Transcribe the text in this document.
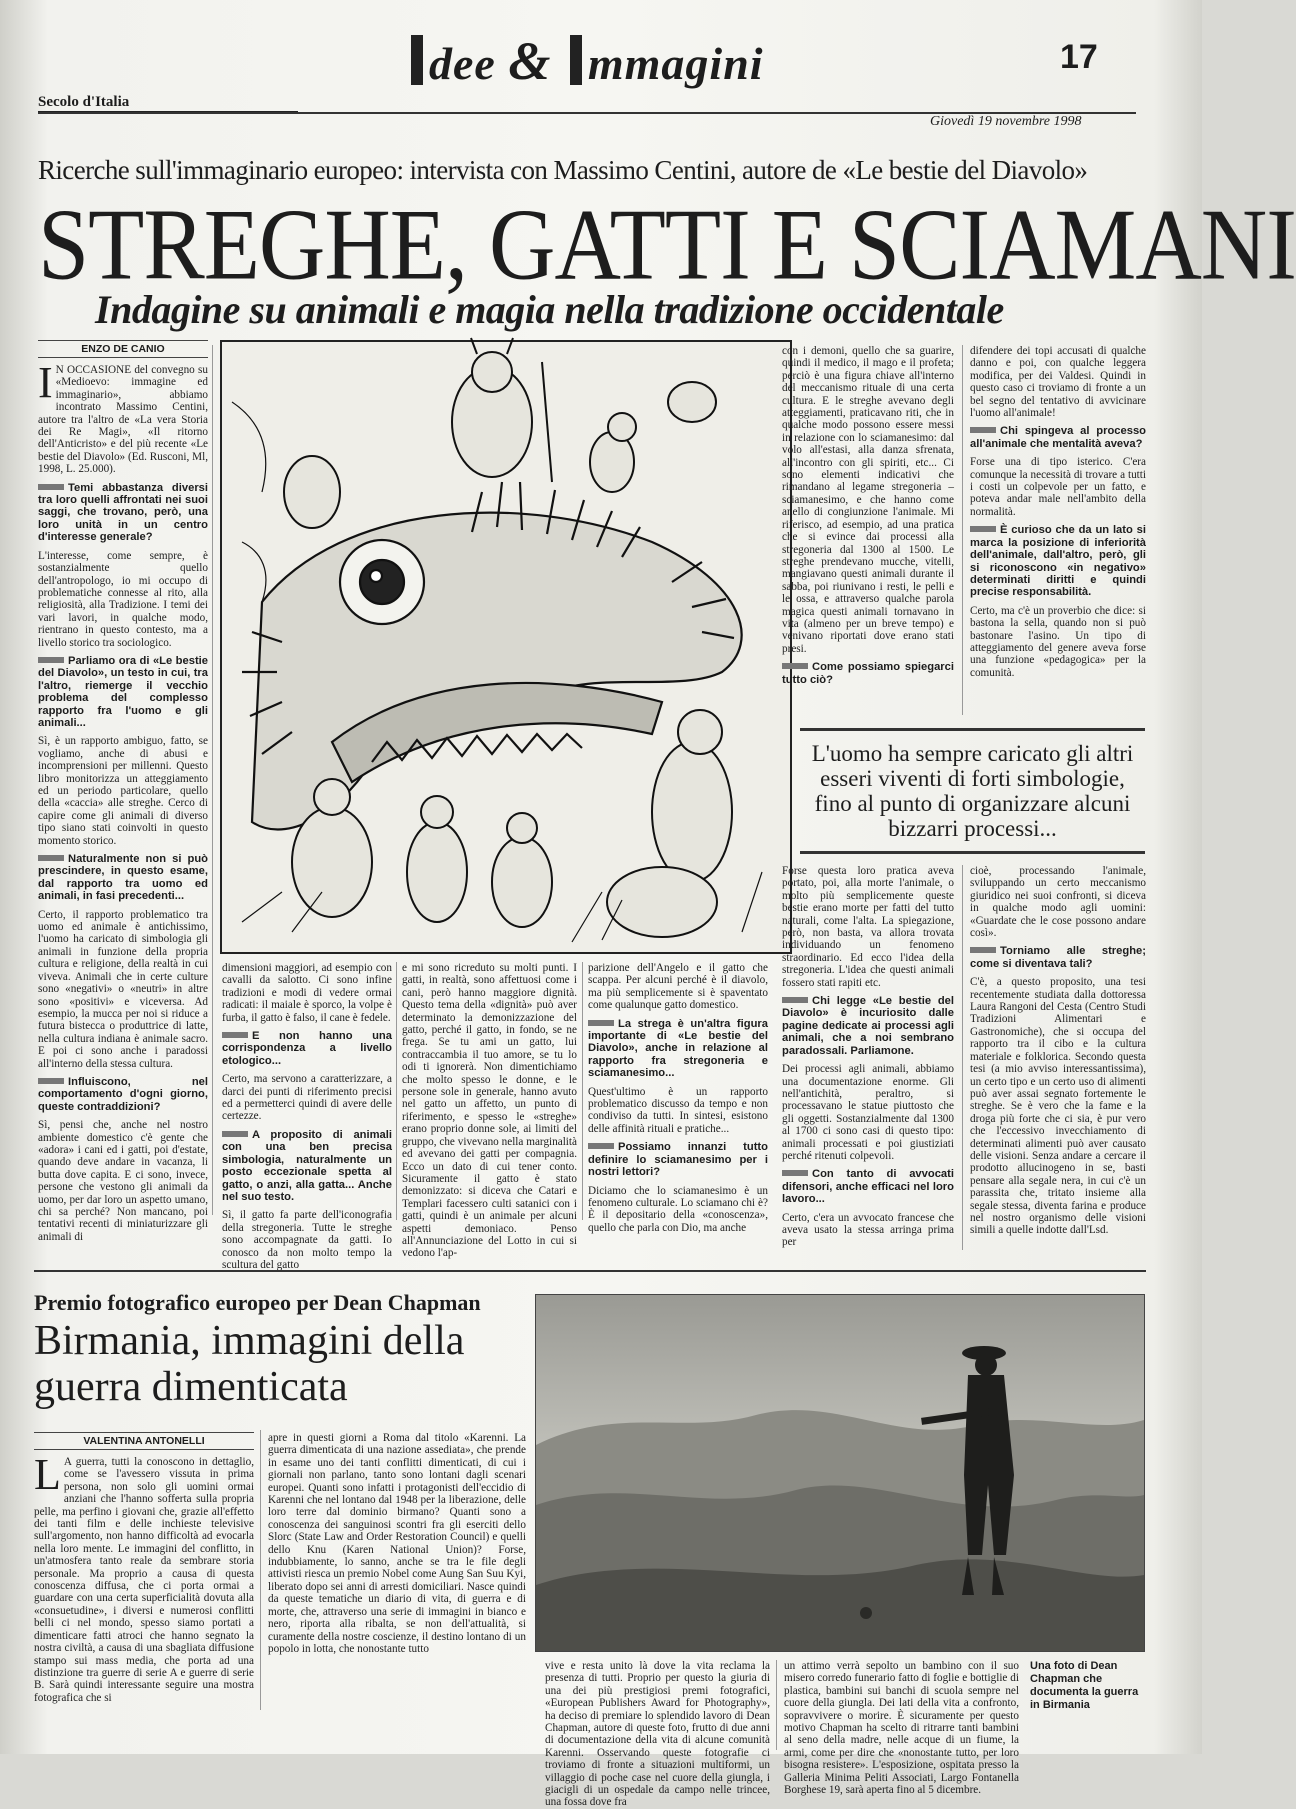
Secolo d'Italia
dee & mmagini	17
Giovedì 19 novembre 1998
Ricerche sull'immaginario europeo: intervista con Massimo Centini, autore de «Le bestie del Diavolo»
STREGHE, GATTI E SCIAMANI
Indagine su animali e magia nella tradizione occidentale
ENZO DE CANIO

I N OCCASIONE del convegno su «Medioevo: immagine ed immaginario», abbiamo incontrato Massimo Centini, autore tra l'altro de «La vera Storia dei Re Magi», «Il ritorno dell'Anticristo» e del più recente «Le bestie del Diavolo» (Ed. Rusconi, Ml, 1998, L. 25.000).

Temi abbastanza diversi tra loro quelli affrontati nei suoi saggi, che trovano, però, una loro unità in un centro d'interesse generale?

L'interesse, come sempre, è sostanzialmente quello dell'antropologo, io mi occupo di problematiche connesse al rito, alla religiosità, alla Tradizione. I temi dei vari lavori, in qualche modo, rientrano in questo contesto, ma a livello storico tra sociologico.

Parliamo ora di «Le bestie del Diavolo», un testo in cui, tra l'altro, riemerge il vecchio problema del complesso rapporto fra l'uomo e gli animali...

Sì, è un rapporto ambiguo, fatto, se vogliamo, anche di abusi e incomprensioni per millenni. Questo libro monitorizza un atteggiamento ed un periodo particolare, quello della «caccia» alle streghe. Cerco di capire come gli animali di diverso tipo siano stati coinvolti in questo momento storico.

Naturalmente non si può prescindere, in questo esame, dal rapporto tra uomo ed animali, in fasi precedenti...

Certo, il rapporto problematico tra uomo ed animale è antichissimo, l'uomo ha caricato di simbologia gli animali in funzione della propria cultura e religione, della realtà in cui viveva. Animali che in certe culture sono «negativi» o «neutri» in altre sono «positivi» e viceversa. Ad esempio, la mucca per noi si riduce a futura bistecca o produttrice di latte, nella cultura indiana è animale sacro. E poi ci sono anche i paradossi all'interno della stessa cultura.

Influiscono, nel comportamento d'ogni giorno, queste contraddizioni?

Sì, pensi che, anche nel nostro ambiente domestico c'è gente che «adora» i cani ed i gatti, poi d'estate, quando deve andare in vacanza, li butta dove capita. E ci sono, invece, persone che vestono gli animali da uomo, per dar loro un aspetto umano, chi sa perché? Non mancano, poi tentativi recenti di miniaturizzare gli animali di

dimensioni maggiori, ad esempio con cavalli da salotto. Ci sono infine tradizioni e modi di vedere ormai radicati: il maiale è sporco, la volpe è furba, il gatto è falso, il cane è fedele.

E non hanno una corrispondenza a livello etologico...

Certo, ma servono a caratterizzare, a darci dei punti di riferimento precisi ed a permetterci quindi di avere delle certezze.

A proposito di animali con una ben precisa simbologia, naturalmente un posto eccezionale spetta al gatto, o anzi, alla gatta... Anche nel suo testo.

Sì, il gatto fa parte dell'iconografia della stregoneria. Tutte le streghe sono accompagnate da gatti. Io conosco da non molto tempo la scultura del gatto

e mi sono ricreduto su molti punti. I gatti, in realtà, sono affettuosi come i cani, però hanno maggiore dignità. Questo tema della «dignità» può aver determinato la demonizzazione del gatto, perché il gatto, in fondo, se ne frega. Se tu ami un gatto, lui contraccambia il tuo amore, se tu lo odi ti ignorerà. Non dimentichiamo che molto spesso le donne, e le persone sole in generale, hanno avuto nel gatto un affetto, un punto di riferimento, e spesso le «streghe» erano proprio donne sole, ai limiti del gruppo, che vivevano nella marginalità ed avevano dei gatti per compagnia. Ecco un dato di cui tener conto. Sicuramente il gatto è stato demonizzato: si diceva che Catari e Templari facessero culti satanici con i gatti, quindi è un animale per alcuni aspetti demoniaco. Penso all'Annunciazione del Lotto in cui si vedono l'ap-

parizione dell'Angelo e il gatto che scappa. Per alcuni perché è il diavolo, ma più semplicemente si è spaventato come qualunque gatto domestico.

La strega è un'altra figura importante di «Le bestie del Diavolo», anche in relazione al rapporto fra stregoneria e sciamanesimo...

Quest'ultimo è un rapporto problematico discusso da tempo e non condiviso da tutti. In sintesi, esistono delle affinità rituali e pratiche...

Possiamo innanzi tutto definire lo sciamanesimo per i nostri lettori?

Diciamo che lo sciamanesimo è un fenomeno culturale. Lo sciamano chi è? È il depositario della «conoscenza», quello che parla con Dio, ma anche

con i demoni, quello che sa guarire, quindi il medico, il mago e il profeta; perciò è una figura chiave all'interno del meccanismo rituale di una certa cultura. E le streghe avevano degli atteggiamenti, praticavano riti, che in qualche modo possono essere messi in relazione con lo sciamanesimo: dal volo all'estasi, alla danza sfrenata, all'incontro con gli spiriti, etc... Ci sono elementi indicativi che rimandano al legame stregoneria – sciamanesimo, e che hanno come anello di congiunzione l'animale. Mi riferisco, ad esempio, ad una pratica che si evince dai processi alla stregoneria dal 1300 al 1500. Le streghe prendevano mucche, vitelli, mangiavano questi animali durante il sabba, poi riunivano i resti, le pelli e le ossa, e attraverso qualche parola magica questi animali tornavano in vita (almeno per un breve tempo) e venivano riportati dove erano stati presi.

Come possiamo spiegarci tutto ciò?

difendere dei topi accusati di qualche danno e poi, con qualche leggera modifica, per dei Valdesi. Quindi in questo caso ci troviamo di fronte a un bel segno del tentativo di avvicinare l'uomo all'animale!

Chi spingeva al processo all'animale che mentalità aveva?

Forse una di tipo isterico. C'era comunque la necessità di trovare a tutti i costi un colpevole per un fatto, e poteva andar male nell'ambito della normalità.

È curioso che da un lato si marca la posizione di inferiorità dell'animale, dall'altro, però, gli si riconoscono «in negativo» determinati diritti e quindi precise responsabilità.

Certo, ma c'è un proverbio che dice: si bastona la sella, quando non si può bastonare l'asino. Un tipo di atteggiamento del genere aveva forse una funzione «pedagogica» per la comunità.

L'uomo ha sempre caricato gli altri esseri viventi di forti simbologie, fino al punto di organizzare alcuni bizzarri processi...

Forse questa loro pratica aveva portato, poi, alla morte l'animale, o molto più semplicemente queste bestie erano morte per fatti del tutto naturali, come l'alta. La spiegazione, però, non basta, va allora trovata individuando un fenomeno straordinario. Ed ecco l'idea della stregoneria. L'idea che questi animali fossero stati rapiti etc.

Chi legge «Le bestie del Diavolo» è incuriosito dalle pagine dedicate ai processi agli animali, che a noi sembrano paradossali. Parliamone.

Dei processi agli animali, abbiamo una documentazione enorme. Gli nell'antichità, peraltro, si processavano le statue piuttosto che gli oggetti. Sostanzialmente dal 1300 al 1700 ci sono casi di questo tipo: animali processati e poi giustiziati perché ritenuti colpevoli.

Con tanto di avvocati difensori, anche efficaci nel loro lavoro...

Certo, c'era un avvocato francese che aveva usato la stessa arringa prima per

cioè, processando l'animale, sviluppando un certo meccanismo giuridico nei suoi confronti, si diceva in qualche modo agli uomini: «Guardate che le cose possono andare così».

Torniamo alle streghe; come si diventava tali?

C'è, a questo proposito, una tesi recentemente studiata dalla dottoressa Laura Rangoni del Cesta (Centro Studi Tradizioni Alimentari e Gastronomiche), che si occupa del rapporto tra il cibo e la cultura materiale e folklorica. Secondo questa tesi (a mio avviso interessantissima), un certo tipo e un certo uso di alimenti può aver assai segnato fortemente le streghe. Se è vero che la fame e la droga più forte che ci sia, è pur vero che l'eccessivo invecchiamento di determinati alimenti può aver causato delle visioni. Senza andare a cercare il prodotto allucinogeno in se, basti pensare alla segale nera, in cui c'è un parassita che, tritato insieme alla segale stessa, diventa farina e produce nel nostro organismo delle visioni simili a quelle indotte dall'Lsd.

Premio fotografico europeo per Dean Chapman
Birmania, immagini della guerra dimenticata
VALENTINA ANTONELLI

L A guerra, tutti la conoscono in dettaglio, come se l'avessero vissuta in prima persona, non solo gli uomini ormai anziani che l'hanno sofferta sulla propria pelle, ma perfino i giovani che, grazie all'effetto dei tanti film e delle inchieste televisive sull'argomento, non hanno difficoltà ad evocarla nella loro mente. Le immagini del conflitto, in un'atmosfera tanto reale da sembrare storia personale. Ma proprio a causa di questa conoscenza diffusa, che ci porta ormai a guardare con una certa superficialità dovuta alla «consuetudine», i diversi e numerosi conflitti belli ci nel mondo, spesso siamo portati a dimenticare fatti atroci che hanno segnato la nostra civiltà, a causa di una sbagliata diffusione stampo sui mass media, che porta ad una distinzione tra guerre di serie A e guerre di serie B. Sarà quindi interessante seguire una mostra fotografica che si

apre in questi giorni a Roma dal titolo «Karenni. La guerra dimenticata di una nazione assediata», che prende in esame uno dei tanti conflitti dimenticati, di cui i giornali non parlano, tanto sono lontani dagli scenari europei. Quanti sono infatti i protagonisti dell'eccidio di Karenni che nel lontano dal 1948 per la liberazione, delle loro terre dal dominio birmano? Quanti sono a conoscenza dei sanguinosi scontri fra gli eserciti dello Slorc (State Law and Order Restoration Council) e quelli dello Knu (Karen National Union)? Forse, indubbiamente, lo sanno, anche se tra le file degli attivisti riesca un premio Nobel come Aung San Suu Kyi, liberato dopo sei anni di arresti domiciliari. Nasce quindi da queste tematiche un diario di vita, di guerra e di morte, che, attraverso una serie di immagini in bianco e nero, riporta alla ribalta, se non dell'attualità, si curamente della nostre coscienze, il destino lontano di un popolo in lotta, che nonostante tutto

vive e resta unito là dove la vita reclama la presenza di tutti. Proprio per questo la giuria di una dei più prestigiosi premi fotografici, «European Publishers Award for Photography», ha deciso di premiare lo splendido lavoro di Dean Chapman, autore di queste foto, frutto di due anni di documentazione della vita di alcune comunità Karenni. Osservando queste fotografie ci troviamo di fronte a situazioni multiformi, un villaggio di poche case nel cuore della giungla, i giacigli di un ospedale da campo nelle trincee, una fossa dove fra

un attimo verrà sepolto un bambino con il suo misero corredo funerario fatto di foglie e bottiglie di plastica, bambini sui banchi di scuola sempre nel cuore della giungla. Dei lati della vita a confronto, sopravvivere o morire. È sicuramente per questo motivo Chapman ha scelto di ritrarre tanti bambini al seno della madre, nelle acque di un fiume, la armi, come per dire che «nonostante tutto, per loro bisogna resistere». L'esposizione, ospitata presso la Galleria Minima Peliti Associati, Largo Fontanella Borghese 19, sarà aperta fino al 5 dicembre.

Una foto di Dean Chapman che documenta la guerra in Birmania
